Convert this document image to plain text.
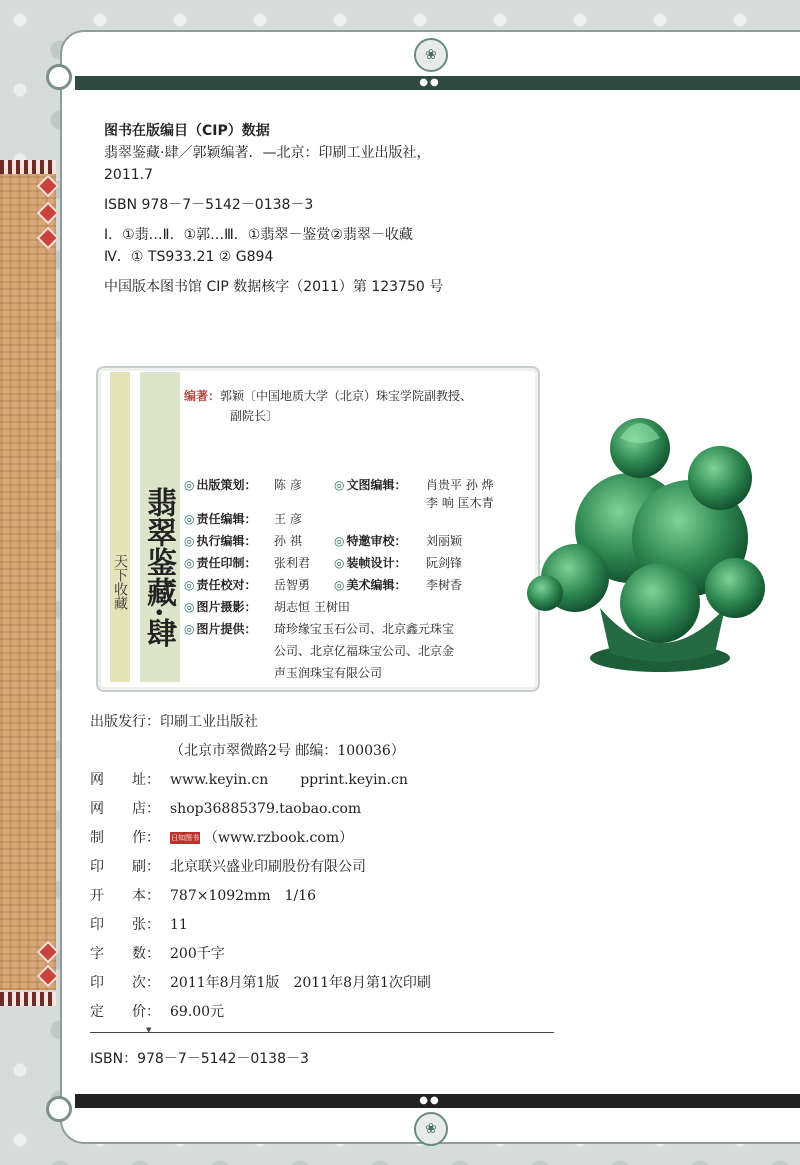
●●
❀
●●
❀
图书在版编目（CIP）数据
翡翠鉴藏·肆／郭颖编著．—北京：印刷工业出版社，
2011.7
ISBN 978－7－5142－0138－3
Ⅰ．①翡…Ⅱ．①郭…Ⅲ．①翡翠－鉴赏②翡翠－收藏
Ⅳ．① TS933.21 ② G894
中国版本图书馆 CIP 数据核字（2011）第 123750 号
天下收藏 翡翠鉴藏·肆
编著：郭颖〔中国地质大学（北京）珠宝学院副教授、
副院长〕
◎ 出版策划： 陈 彦	◎ 文图编辑： 肖贵平 孙 烨
李 响 匡木青
◎ 责任编辑： 王 彦
◎ 执行编辑： 孙 祺	◎ 特邀审校： 刘丽颖
◎ 责任印制： 张利君 ◎ 装帧设计： 阮剑锋
◎ 责任校对： 岳智勇 ◎ 美术编辑： 李树香
◎ 图片摄影： 胡志恒 王树田
◎ 图片提供： 琦珍缘宝玉石公司、北京鑫元珠宝
公司、北京亿福珠宝公司、北京金
声玉润珠宝有限公司
出版发行：印刷工业出版社
（北京市翠微路2号 邮编：100036）
网　　址： www.keyin.cn pprint.keyin.cn
网　　店： shop36885379.taobao.com
制　　作： 日知图书 （www.rzbook.com）
印　　刷： 北京联兴盛业印刷股份有限公司
开　　本： 787×1092mm　1/16
印　　张： 11
字　　数： 200千字
印　　次： 2011年8月第1版　2011年8月第1次印刷
定　　价： 69.00元
▼
ISBN：978－7－5142－0138－3
